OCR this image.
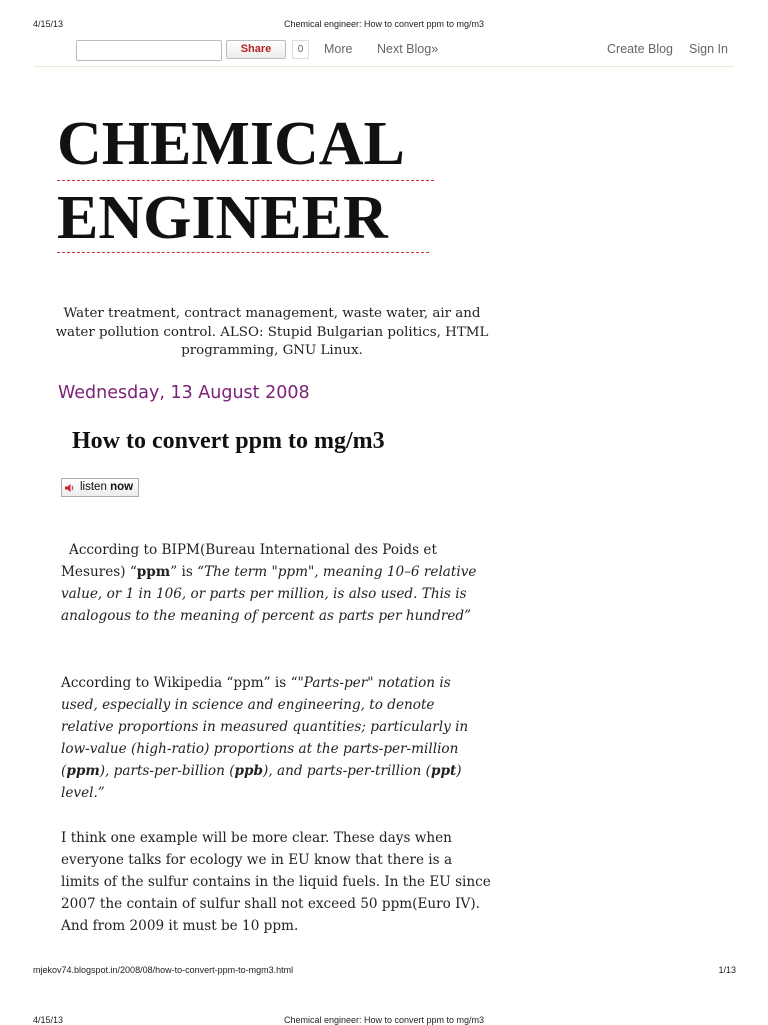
4/15/13	Chemical engineer: How to convert ppm to mg/m3
Share	0	More Next Blog»	Create Blog Sign In
CHEMICAL
ENGINEER
Water treatment, contract management, waste water, air and water pollution control. ALSO: Stupid Bulgarian politics, HTML programming, GNU Linux.
Wednesday, 13 August 2008
How to convert ppm to mg/m3
listen now

According to BIPM(Bureau International des Poids et Mesures) “ppm” is “The term "ppm", meaning 10–6 relative value, or 1 in 106, or parts per million, is also used. This is analogous to the meaning of percent as parts per hundred”

According to Wikipedia “ppm” is “"Parts-per" notation is used, especially in science and engineering, to denote relative proportions in measured quantities; particularly in low-value (high-ratio) proportions at the parts-per-million (ppm), parts-per-billion (ppb), and parts-per-trillion (ppt) level.”

I think one example will be more clear. These days when everyone talks for ecology we in EU know that there is a limits of the sulfur contains in the liquid fuels. In the EU since 2007 the contain of sulfur shall not exceed 50 ppm(Euro IV). And from 2009 it must be 10 ppm.

mjekov74.blogspot.in/2008/08/how-to-convert-ppm-to-mgm3.html	1/13
4/15/13	Chemical engineer: How to convert ppm to mg/m3
